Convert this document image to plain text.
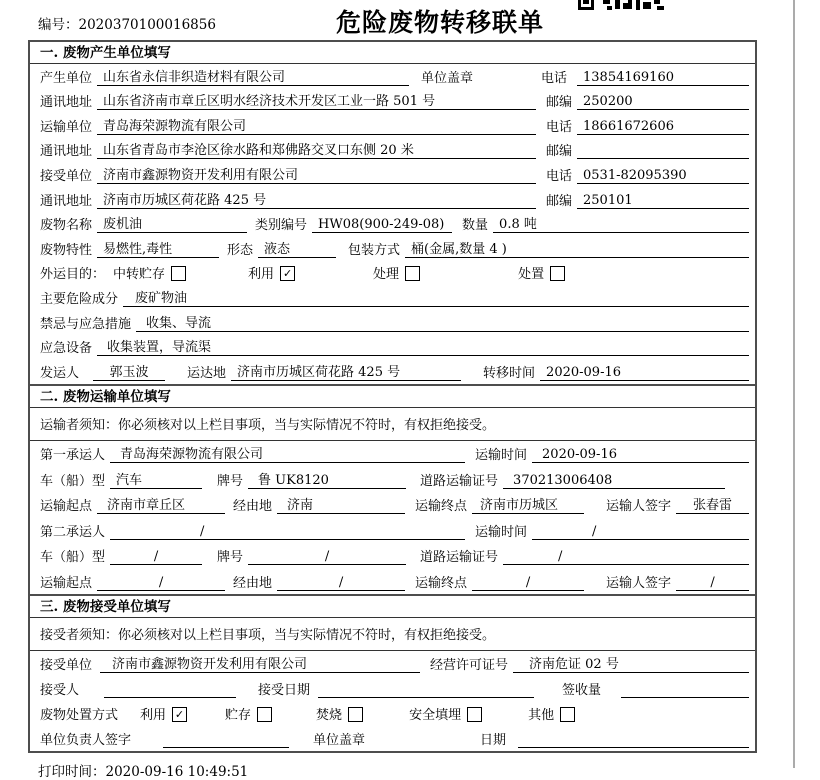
编号：2020370100016856	危险废物转移联单
一. 废物产生单位填写
产生单位 山东省永信非织造材料有限公司	单位盖章	电话	13854169160
通讯地址 山东省济南市章丘区明水经济技术开发区工业一路 501 号	邮编 250200
运输单位 青岛海荣源物流有限公司	电话 18661672606
通讯地址 山东省青岛市李沧区徐水路和郑佛路交叉口东侧 20 米	邮编
接受单位 济南市鑫源物资开发利用有限公司	电话 0531-82095390
通讯地址 济南市历城区荷花路 425 号	邮编 250101
废物名称 废机油	类别编号 HW08(900-249-08)	数量 0.8 吨
废物特性 易燃性,毒性	形态 液态	包装方式 桶(金属,数量 4 )
外运目的： 中转贮存	利用 ✓	处理	处置
主要危险成分	废矿物油
禁忌与应急措施	收集、导流
应急设备	收集装置，导流渠
发运人	郭玉波	运达地 济南市历城区荷花路 425 号	转移时间 2020-09-16
二. 废物运输单位填写
运输者须知：你必须核对以上栏目事项，当与实际情况不符时，有权拒绝接受。
第一承运人	青岛海荣源物流有限公司	运输时间	2020-09-16
车（船）型 汽车	牌号	鲁 UK8120	道路运输证号	370213006408
运输起点	济南市章丘区	经由地	济南	运输终点	济南市历城区	运输人签字	张春雷
第二承运人	/	运输时间	/
车（船）型	/	牌号	/	道路运输证号	/
运输起点	/	经由地	/	运输终点	/	运输人签字	/
三. 废物接受单位填写
接受者须知：你必须核对以上栏目事项，当与实际情况不符时，有权拒绝接受。
接受单位	济南市鑫源物资开发利用有限公司	经营许可证号	济南危证 02 号
接受人	接受日期	签收量
废物处置方式 利用 ✓	贮存	焚烧	安全填埋	其他
单位负责人签字	单位盖章	日期
打印时间：2020-09-16 10:49:51
